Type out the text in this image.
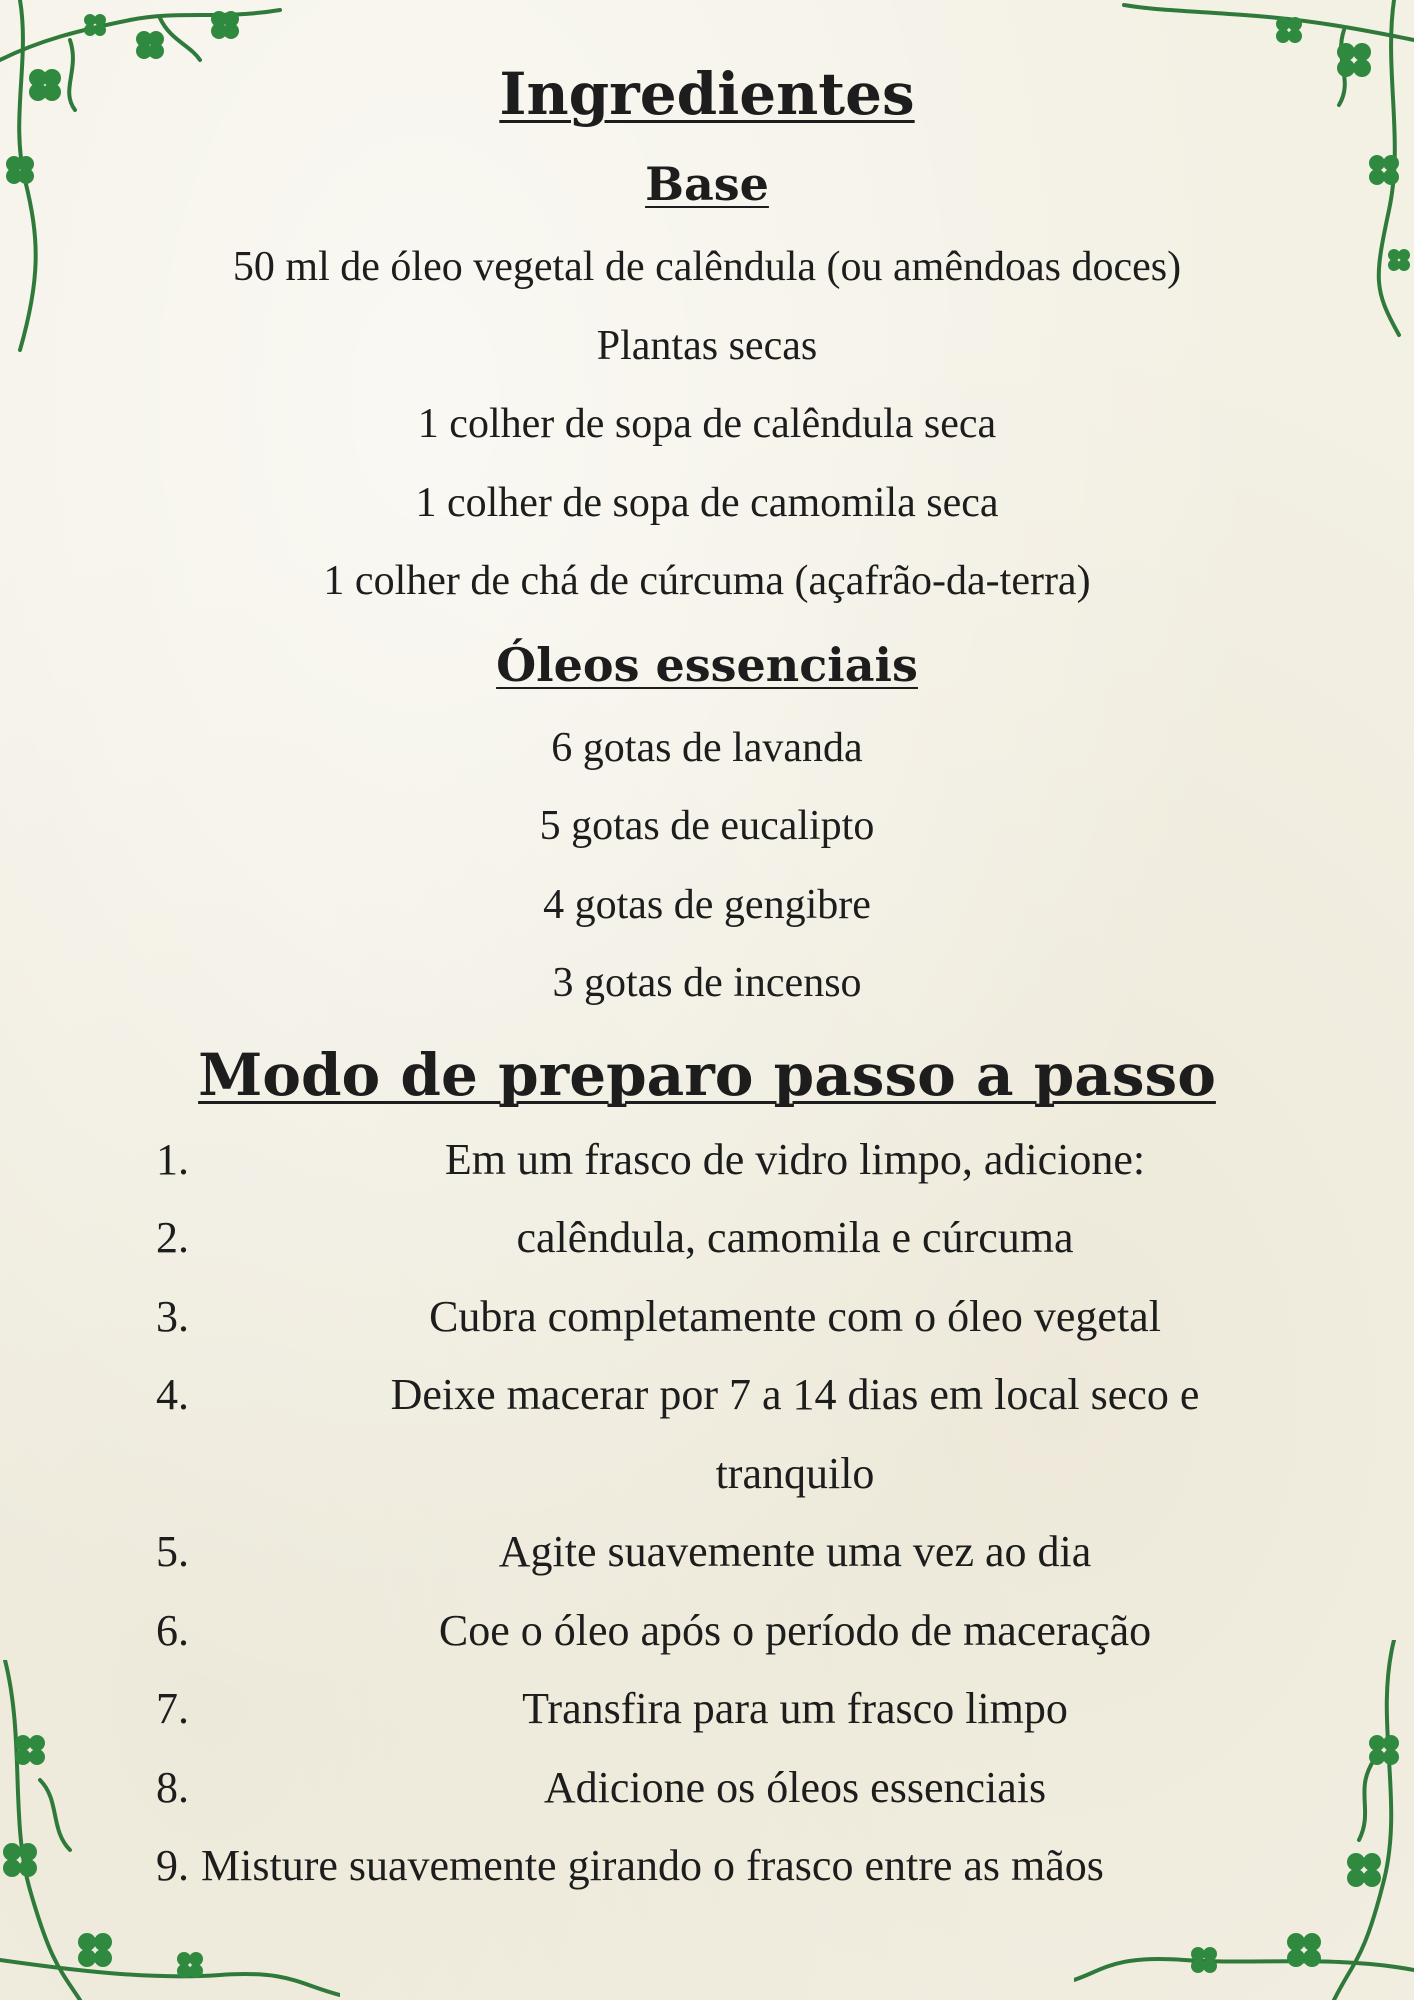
Ingredientes
Base
50 ml de óleo vegetal de calêndula (ou amêndoas doces)
Plantas secas
1 colher de sopa de calêndula seca
1 colher de sopa de camomila seca
1 colher de chá de cúrcuma (açafrão-da-terra)
Óleos essenciais
6 gotas de lavanda
5 gotas de eucalipto
4 gotas de gengibre
3 gotas de incenso
Modo de preparo passo a passo
1.	Em um frasco de vidro limpo, adicione:
2.	calêndula, camomila e cúrcuma
3.	Cubra completamente com o óleo vegetal
4.	Deixe macerar por 7 a 14 dias em local seco e tranquilo
5.	Agite suavemente uma vez ao dia
6.	Coe o óleo após o período de maceração
7.	Transfira para um frasco limpo
8.	Adicione os óleos essenciais
9. Misture suavemente girando o frasco entre as mãos
